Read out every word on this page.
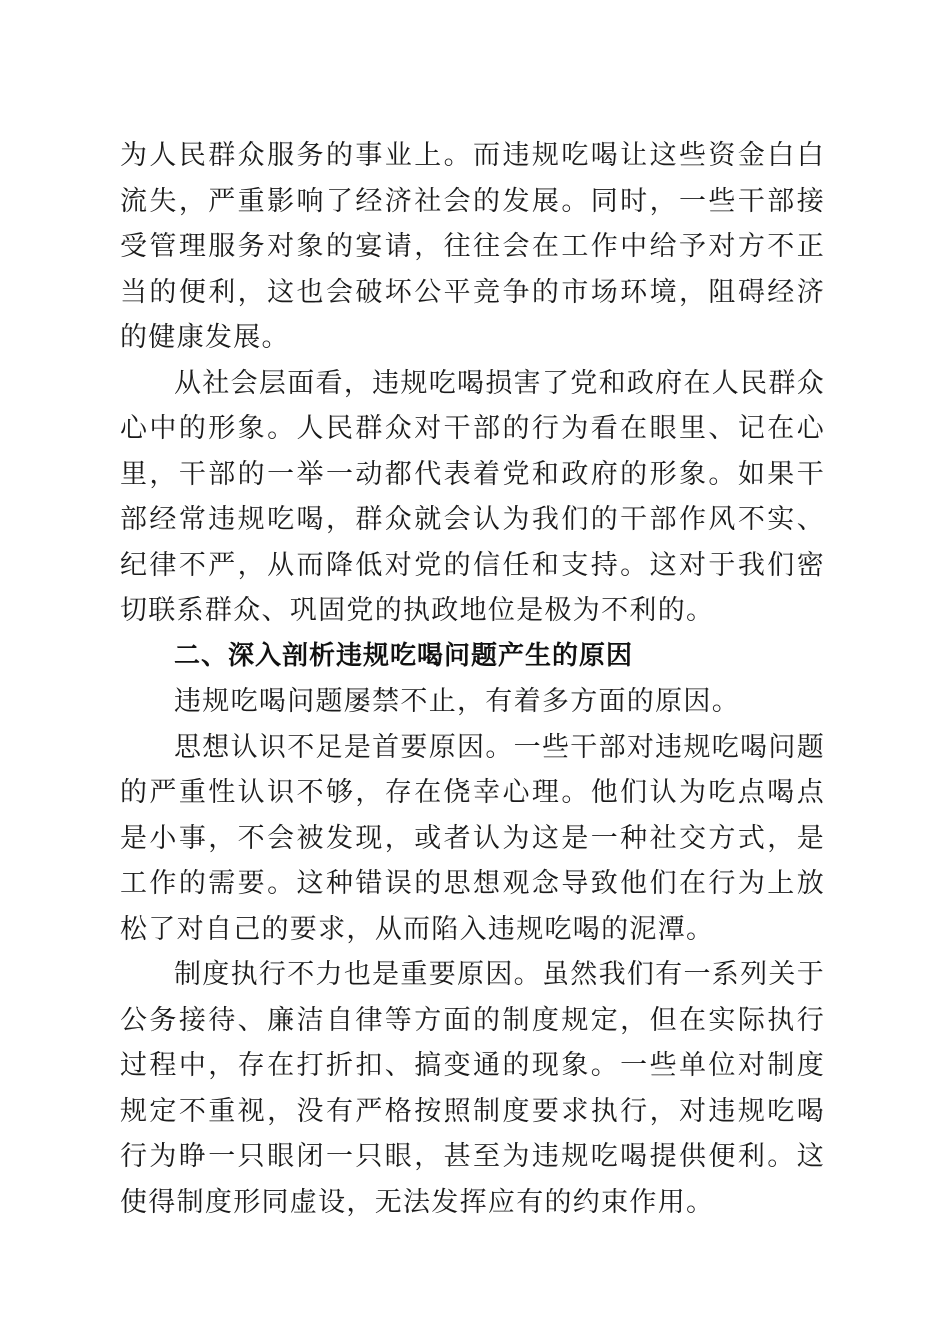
为人民群众服务的事业上。而违规吃喝让这些资金白白流失，严重影响了经济社会的发展。同时，一些干部接受管理服务对象的宴请，往往会在工作中给予对方不正当的便利，这也会破坏公平竞争的市场环境，阻碍经济的健康发展。

从社会层面看，违规吃喝损害了党和政府在人民群众心中的形象。人民群众对干部的行为看在眼里、记在心里，干部的一举一动都代表着党和政府的形象。如果干部经常违规吃喝，群众就会认为我们的干部作风不实、纪律不严，从而降低对党的信任和支持。这对于我们密切联系群众、巩固党的执政地位是极为不利的。

二、深入剖析违规吃喝问题产生的原因

违规吃喝问题屡禁不止，有着多方面的原因。

思想认识不足是首要原因。一些干部对违规吃喝问题的严重性认识不够，存在侥幸心理。他们认为吃点喝点是小事，不会被发现，或者认为这是一种社交方式，是工作的需要。这种错误的思想观念导致他们在行为上放松了对自己的要求，从而陷入违规吃喝的泥潭。

制度执行不力也是重要原因。虽然我们有一系列关于公务接待、廉洁自律等方面的制度规定，但在实际执行过程中，存在打折扣、搞变通的现象。一些单位对制度规定不重视，没有严格按照制度要求执行，对违规吃喝行为睁一只眼闭一只眼，甚至为违规吃喝提供便利。这使得制度形同虚设，无法发挥应有的约束作用。
